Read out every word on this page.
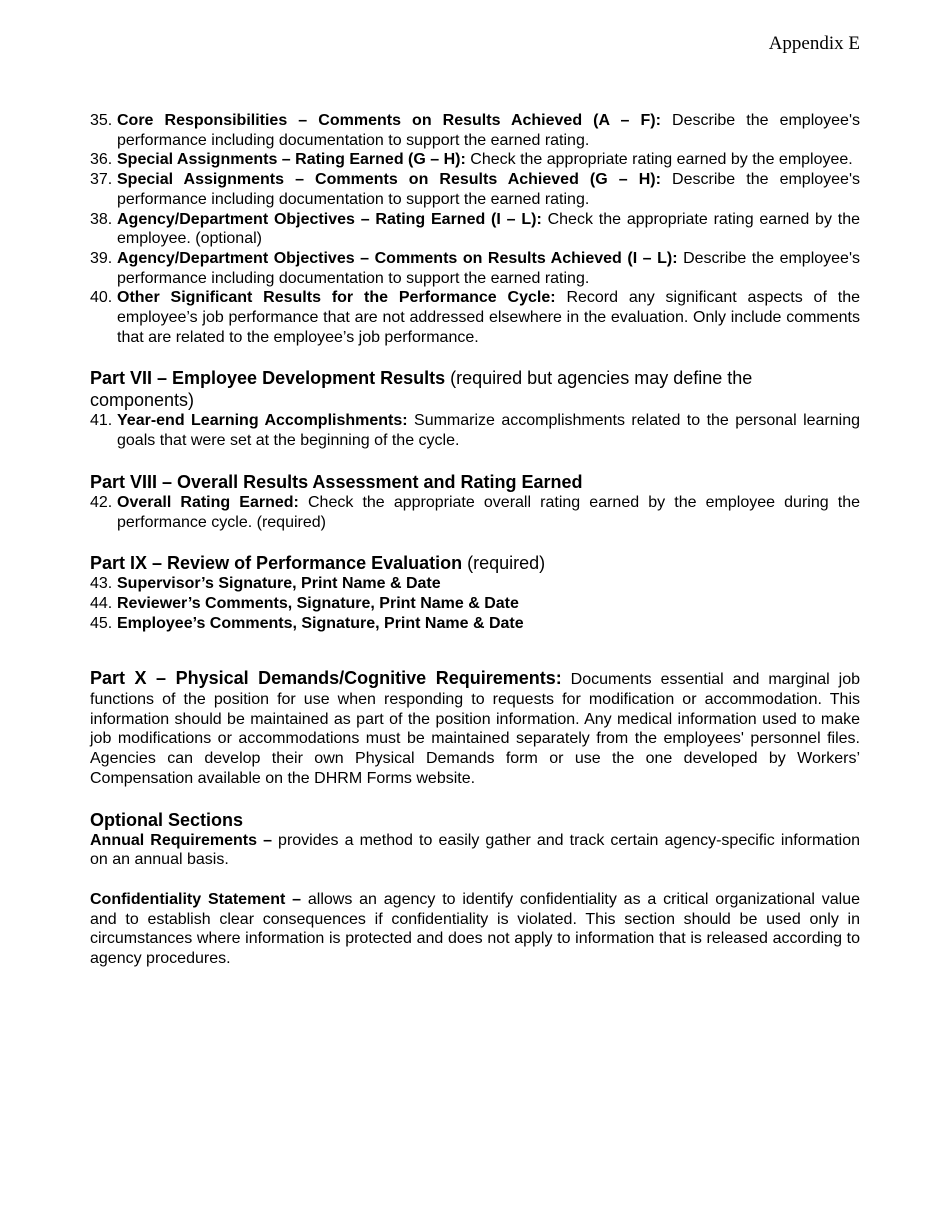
Appendix E
35. Core Responsibilities – Comments on Results Achieved (A – F): Describe the employee's performance including documentation to support the earned rating.
36. Special Assignments – Rating Earned (G – H): Check the appropriate rating earned by the employee.
37. Special Assignments – Comments on Results Achieved (G – H): Describe the employee's performance including documentation to support the earned rating.
38. Agency/Department Objectives – Rating Earned (I – L): Check the appropriate rating earned by the employee. (optional)
39. Agency/Department Objectives – Comments on Results Achieved (I – L): Describe the employee's performance including documentation to support the earned rating.
40. Other Significant Results for the Performance Cycle: Record any significant aspects of the employee’s job performance that are not addressed elsewhere in the evaluation. Only include comments that are related to the employee’s job performance.
Part VII – Employee Development Results (required but agencies may define the components)
41. Year-end Learning Accomplishments: Summarize accomplishments related to the personal learning goals that were set at the beginning of the cycle.
Part VIII – Overall Results Assessment and Rating Earned
42. Overall Rating Earned: Check the appropriate overall rating earned by the employee during the performance cycle. (required)
Part IX – Review of Performance Evaluation (required)
43. Supervisor’s Signature, Print Name & Date
44. Reviewer’s Comments, Signature, Print Name & Date
45. Employee’s Comments, Signature, Print Name & Date
Part X – Physical Demands/Cognitive Requirements: Documents essential and marginal job functions of the position for use when responding to requests for modification or accommodation. This information should be maintained as part of the position information. Any medical information used to make job modifications or accommodations must be maintained separately from the employees' personnel files. Agencies can develop their own Physical Demands form or use the one developed by Workers’ Compensation available on the DHRM Forms website.
Optional Sections
Annual Requirements – provides a method to easily gather and track certain agency-specific information on an annual basis.
Confidentiality Statement – allows an agency to identify confidentiality as a critical organizational value and to establish clear consequences if confidentiality is violated. This section should be used only in circumstances where information is protected and does not apply to information that is released according to agency procedures.
